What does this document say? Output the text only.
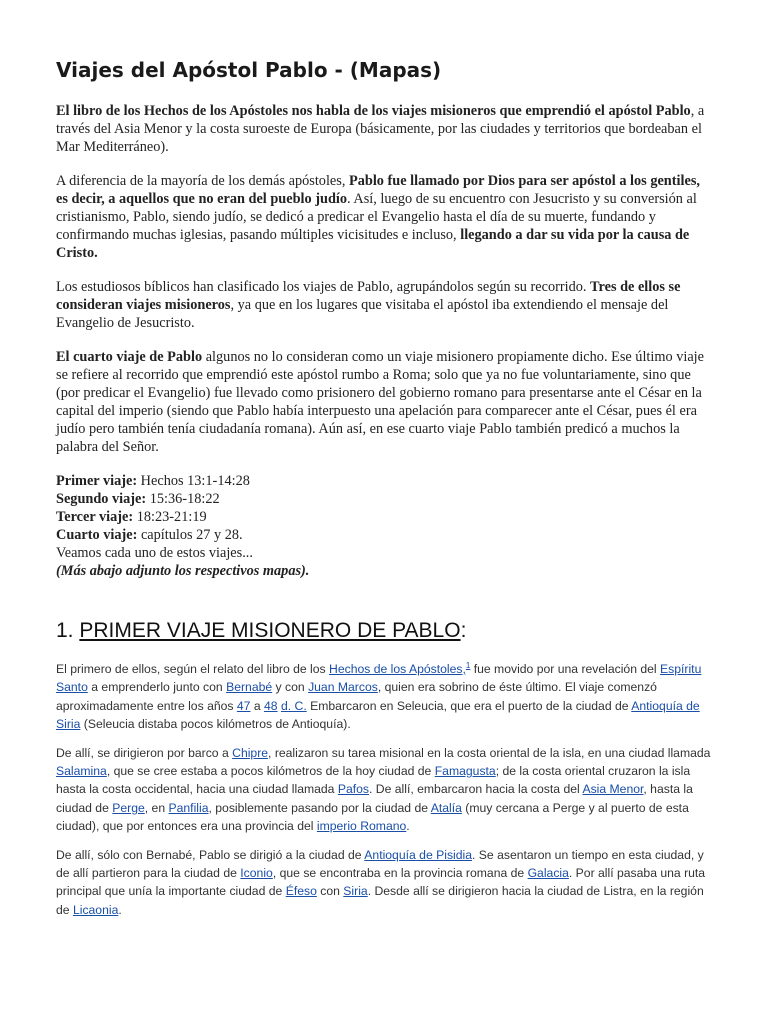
Viajes del Apóstol Pablo - (Mapas)

El libro de los Hechos de los Apóstoles nos habla de los viajes misioneros que emprendió el apóstol Pablo, a través del Asia Menor y la costa suroeste de Europa (básicamente, por las ciudades y territorios que bordeaban el Mar Mediterráneo).

A diferencia de la mayoría de los demás apóstoles, Pablo fue llamado por Dios para ser apóstol a los gentiles, es decir, a aquellos que no eran del pueblo judío. Así, luego de su encuentro con Jesucristo y su conversión al cristianismo, Pablo, siendo judío, se dedicó a predicar el Evangelio hasta el día de su muerte, fundando y confirmando muchas iglesias, pasando múltiples vicisitudes e incluso, llegando a dar su vida por la causa de Cristo.

Los estudiosos bíblicos han clasificado los viajes de Pablo, agrupándolos según su recorrido. Tres de ellos se consideran viajes misioneros, ya que en los lugares que visitaba el apóstol iba extendiendo el mensaje del Evangelio de Jesucristo.

El cuarto viaje de Pablo algunos no lo consideran como un viaje misionero propiamente dicho. Ese último viaje se refiere al recorrido que emprendió este apóstol rumbo a Roma; solo que ya no fue voluntariamente, sino que (por predicar el Evangelio) fue llevado como prisionero del gobierno romano para presentarse ante el César en la capital del imperio (siendo que Pablo había interpuesto una apelación para comparecer ante el César, pues él era judío pero también tenía ciudadanía romana). Aún así, en ese cuarto viaje Pablo también predicó a muchos la palabra del Señor.

Primer viaje: Hechos 13:1-14:28
Segundo viaje: 15:36-18:22
Tercer viaje: 18:23-21:19
Cuarto viaje: capítulos 27 y 28.
Veamos cada uno de estos viajes...
(Más abajo adjunto los respectivos mapas).
1. PRIMER VIAJE MISIONERO DE PABLO:

El primero de ellos, según el relato del libro de los Hechos de los Apóstoles,$^1$ fue movido por una revelación del Espíritu Santo a emprenderlo junto con Bernabé y con Juan Marcos, quien era sobrino de éste último. El viaje comenzó aproximadamente entre los años 47 a 48 d. C. Embarcaron en Seleucia, que era el puerto de la ciudad de Antioquía de Siria (Seleucia distaba pocos kilómetros de Antioquía).

De allí, se dirigieron por barco a Chipre, realizaron su tarea misional en la costa oriental de la isla, en una ciudad llamada Salamina, que se cree estaba a pocos kilómetros de la hoy ciudad de Famagusta; de la costa oriental cruzaron la isla hasta la costa occidental, hacia una ciudad llamada Pafos. De allí, embarcaron hacia la costa del Asia Menor, hasta la ciudad de Perge, en Panfilia, posiblemente pasando por la ciudad de Atalía (muy cercana a Perge y al puerto de esta ciudad), que por entonces era una provincia del imperio Romano.

De allí, sólo con Bernabé, Pablo se dirigió a la ciudad de Antioquía de Pisidia. Se asentaron un tiempo en esta ciudad, y de allí partieron para la ciudad de Iconio, que se encontraba en la provincia romana de Galacia. Por allí pasaba una ruta principal que unía la importante ciudad de Éfeso con Siria. Desde allí se dirigieron hacia la ciudad de Listra, en la región de Licaonia.
